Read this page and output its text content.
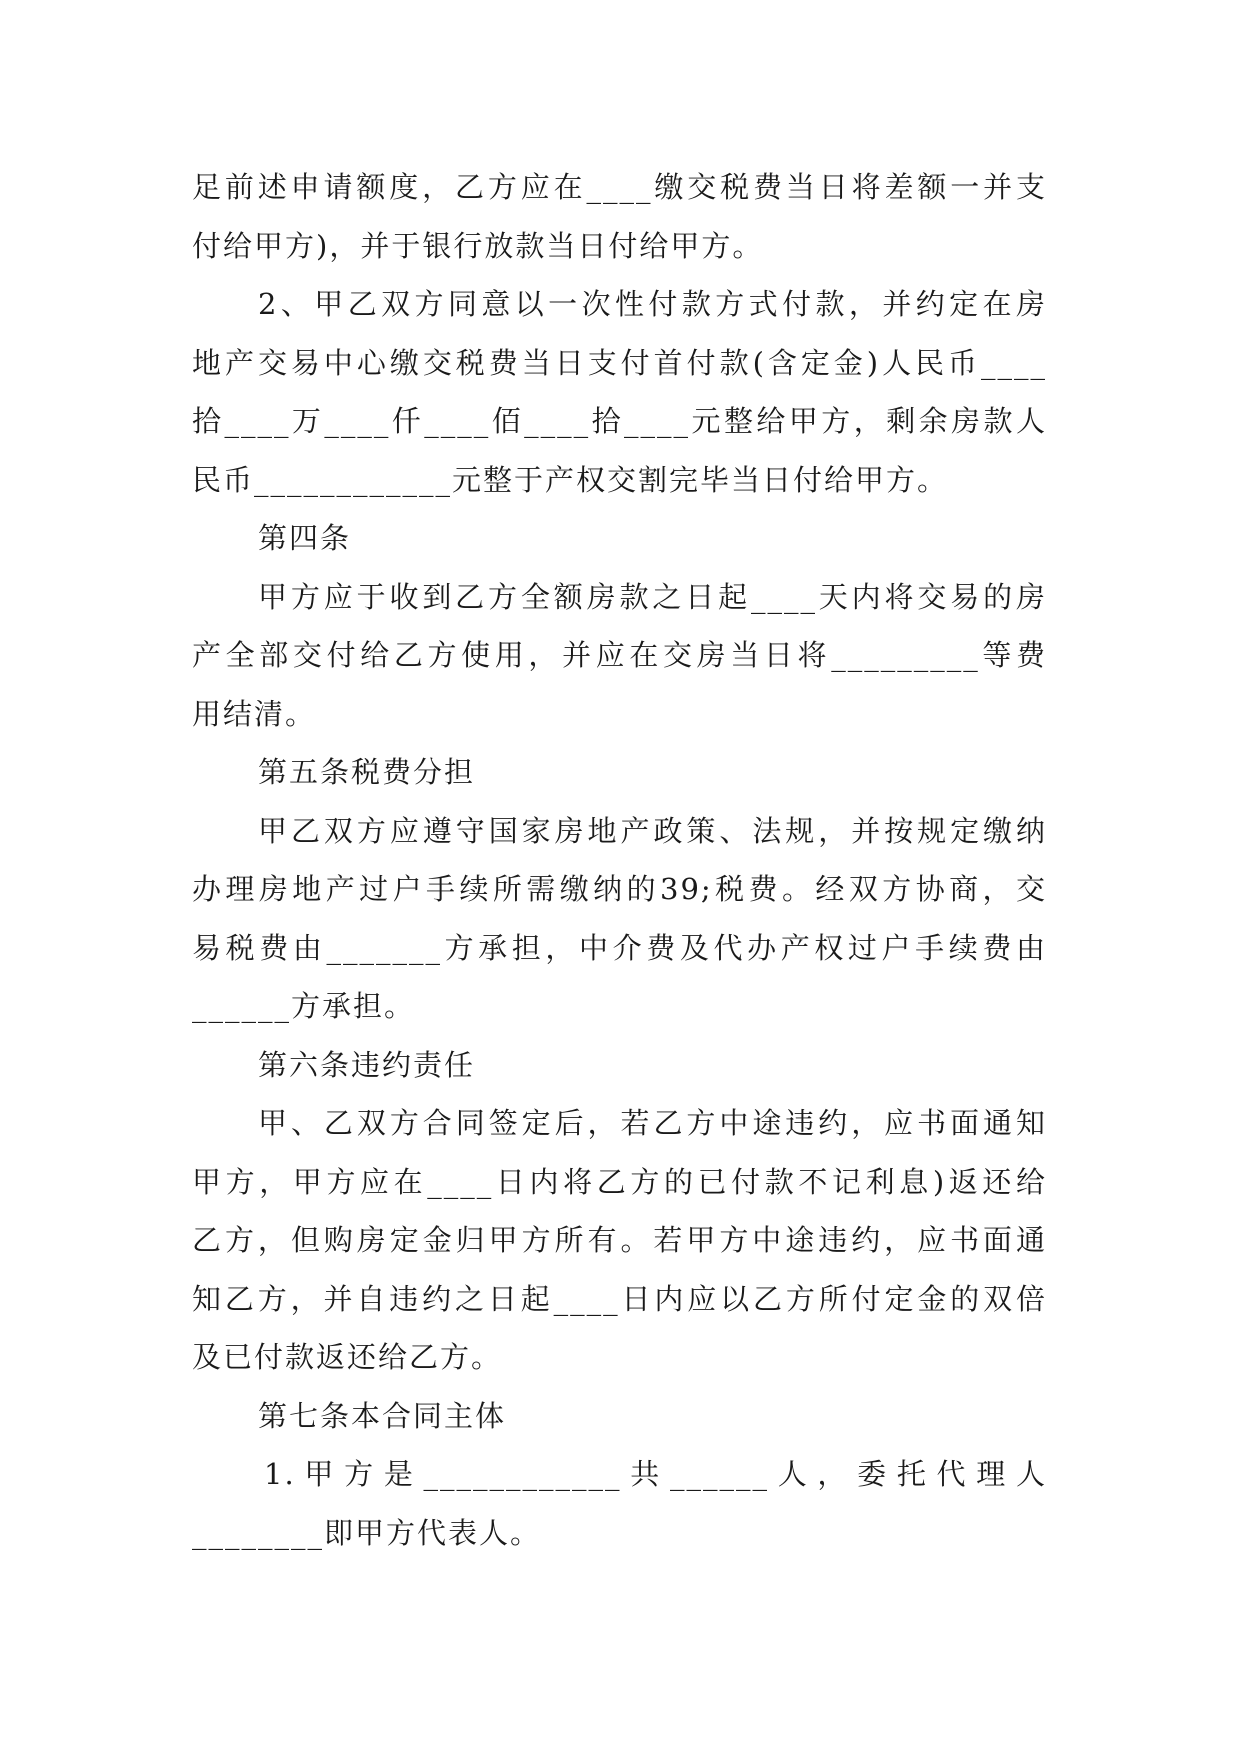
足前述申请额度，乙方应在____缴交税费当日将差额一并支
付给甲方)，并于银行放款当日付给甲方。
2、甲乙双方同意以一次性付款方式付款，并约定在房
地产交易中心缴交税费当日支付首付款(含定金)人民币____
拾____万____仟____佰____拾____元整给甲方，剩余房款人
民币____________元整于产权交割完毕当日付给甲方。
第四条
甲方应于收到乙方全额房款之日起____天内将交易的房
产全部交付给乙方使用，并应在交房当日将_________等费
用结清。
第五条税费分担
甲乙双方应遵守国家房地产政策、法规，并按规定缴纳
办理房地产过户手续所需缴纳的39;税费。经双方协商，交
易税费由_______方承担，中介费及代办产权过户手续费由
______方承担。
第六条违约责任
甲、乙双方合同签定后，若乙方中途违约，应书面通知
甲方，甲方应在____日内将乙方的已付款不记利息)返还给
乙方，但购房定金归甲方所有。若甲方中途违约，应书面通
知乙方，并自违约之日起____日内应以乙方所付定金的双倍
及已付款返还给乙方。
第七条本合同主体
1.甲方是____________共______人，委托代理人
________即甲方代表人。
